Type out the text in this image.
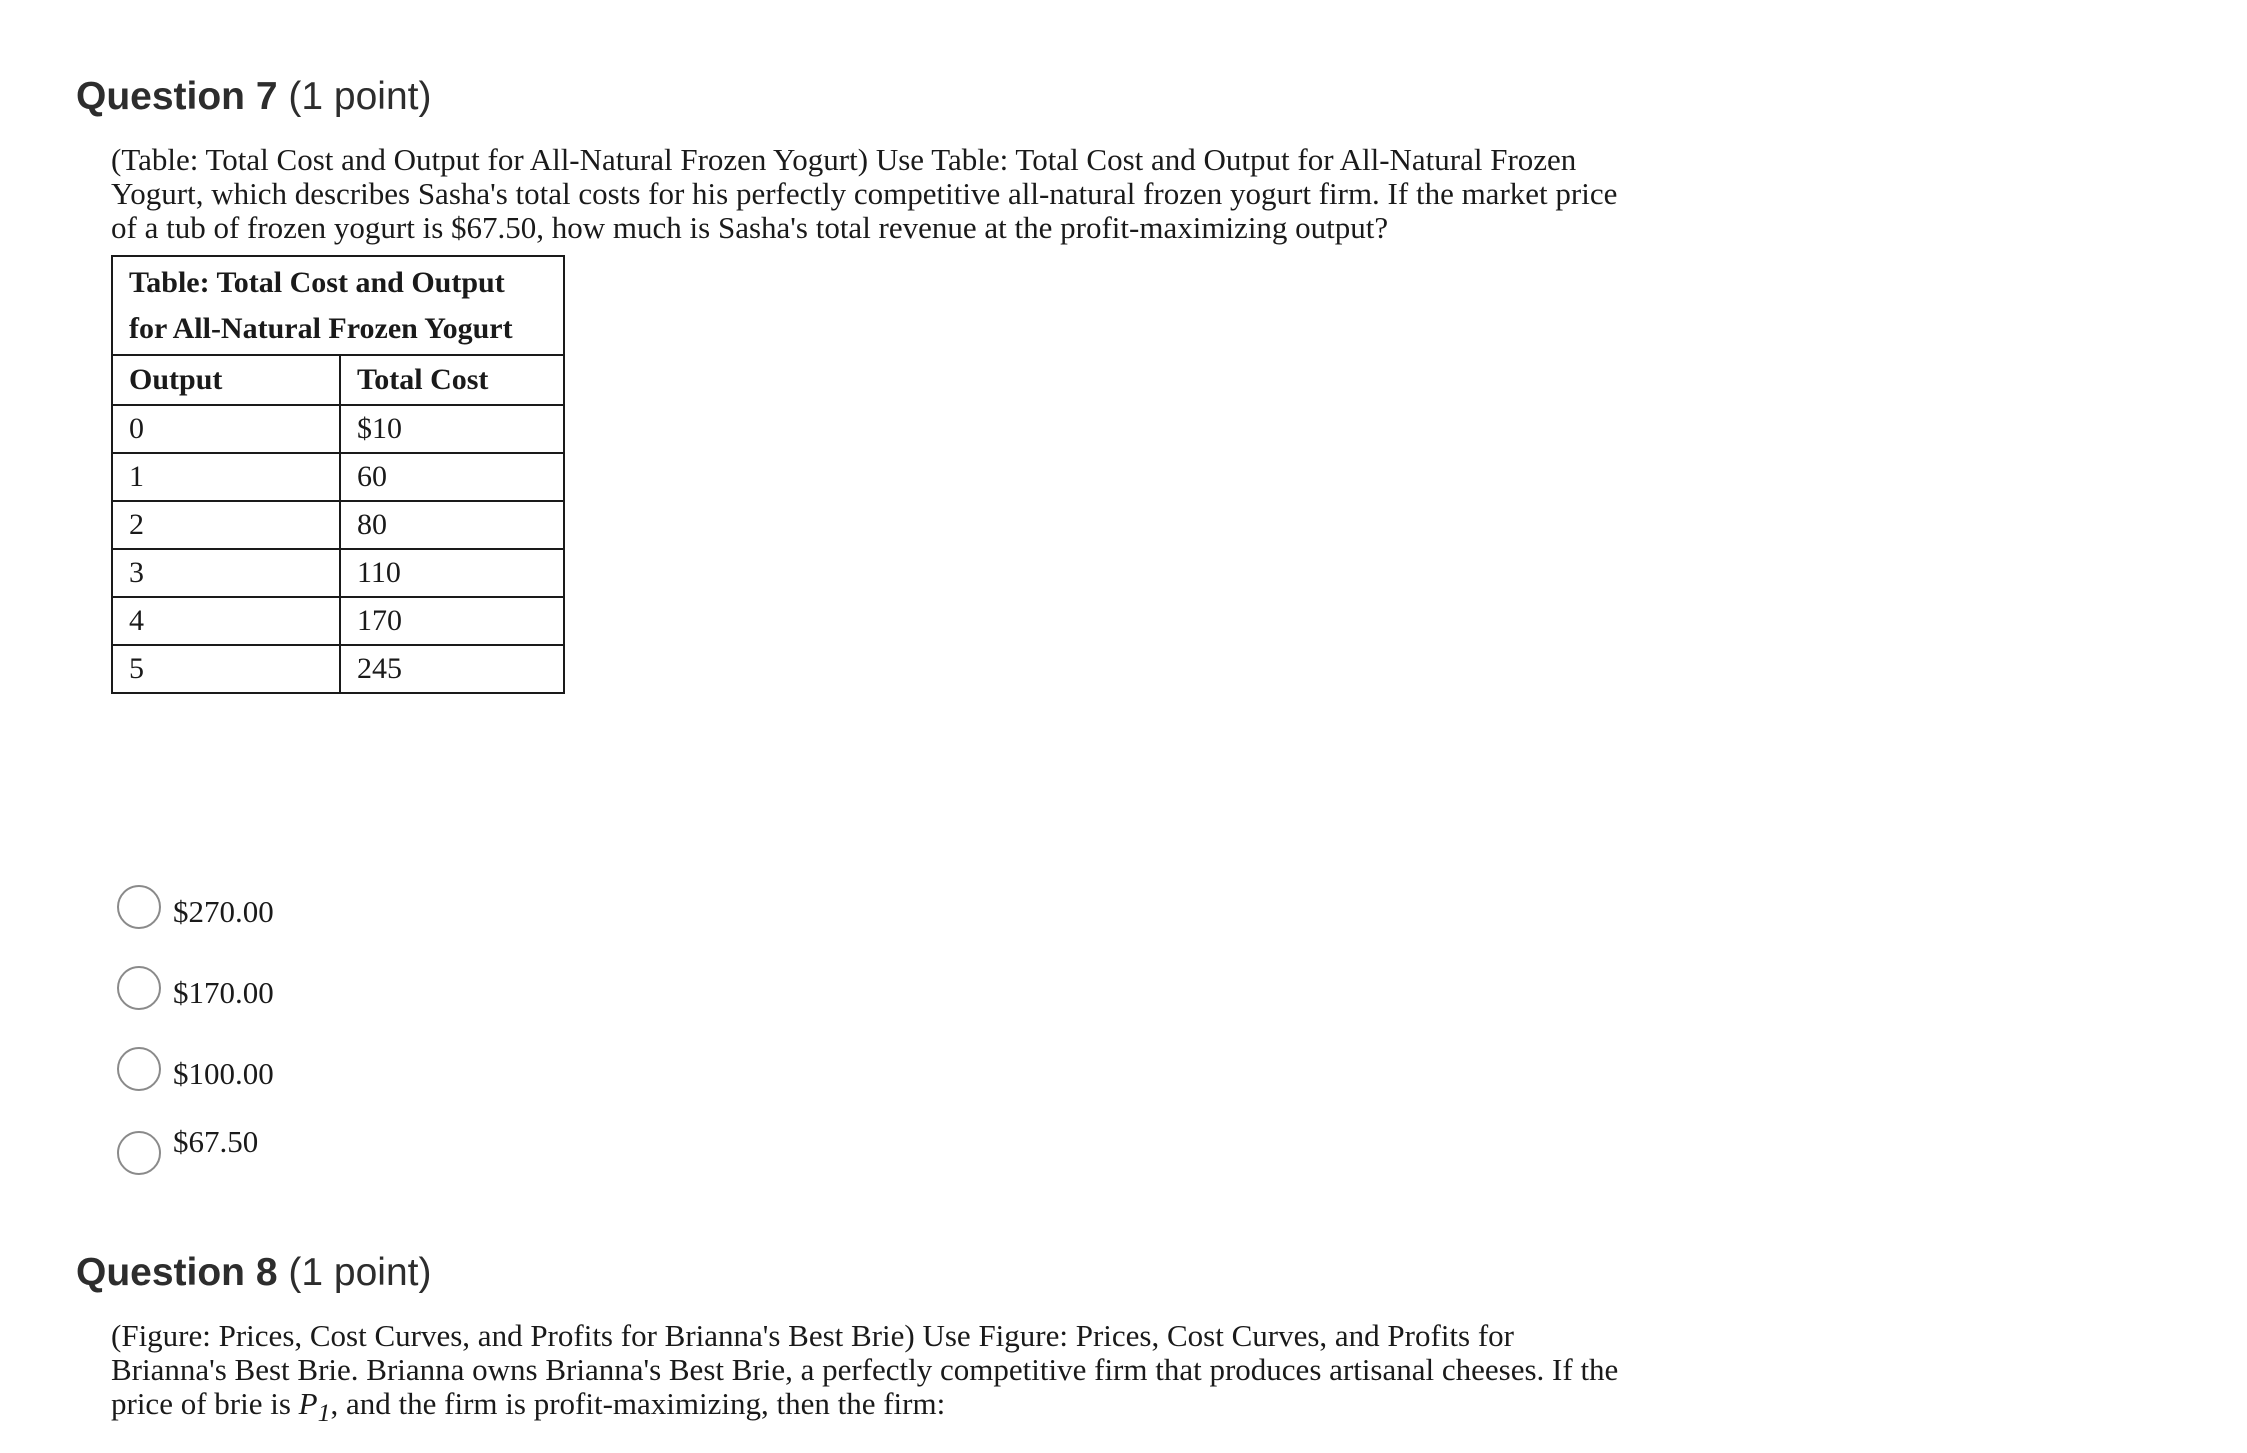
Question 7 (1 point)
(Table: Total Cost and Output for All-Natural Frozen Yogurt) Use Table: Total Cost and Output for All-Natural Frozen Yogurt, which describes Sasha's total costs for his perfectly competitive all-natural frozen yogurt firm. If the market price of a tub of frozen yogurt is $67.50, how much is Sasha's total revenue at the profit-maximizing output?
Table: Total Cost and Output for All-Natural Frozen Yogurt	

Output	Total Cost
0	$10
1	60
2	80
3	110
4	170
5	245
$270.00
$170.00
$100.00
$67.50
Question 8 (1 point)
(Figure: Prices, Cost Curves, and Profits for Brianna's Best Brie) Use Figure: Prices, Cost Curves, and Profits for Brianna's Best Brie. Brianna owns Brianna's Best Brie, a perfectly competitive firm that produces artisanal cheeses. If the price of brie is $P_1$, and the firm is profit-maximizing, then the firm:
